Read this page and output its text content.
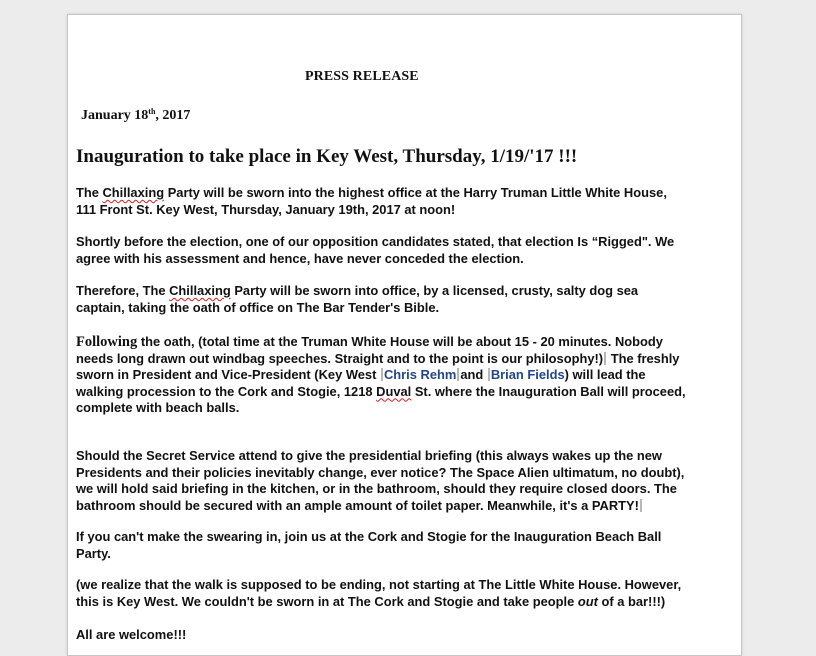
PRESS RELEASE
January 18th, 2017
Inauguration to take place in Key West, Thursday, 1/19/'17 !!!

The Chillaxing Party will be sworn into the highest office at the Harry Truman Little White House,
111 Front St. Key West, Thursday, January 19th, 2017 at noon!

Shortly before the election, one of our opposition candidates stated, that election Is “Rigged". We
agree with his assessment and hence, have never conceded the election.

Therefore, The Chillaxing Party will be sworn into office, by a licensed, crusty, salty dog sea
captain, taking the oath of office on The Bar Tender's Bible.

Following the oath, (total time at the Truman White House will be about 15 - 20 minutes. Nobody
needs long drawn out windbag speeches. Straight and to the point is our philosophy!) The freshly
sworn in President and Vice-President (Key West Chris Rehm and Brian Fields) will lead the
walking procession to the Cork and Stogie, 1218 Duval St. where the Inauguration Ball will proceed,
complete with beach balls.

Should the Secret Service attend to give the presidential briefing (this always wakes up the new
Presidents and their policies inevitably change, ever notice? The Space Alien ultimatum, no doubt),
we will hold said briefing in the kitchen, or in the bathroom, should they require closed doors. The
bathroom should be secured with an ample amount of toilet paper. Meanwhile, it's a PARTY!

If you can't make the swearing in, join us at the Cork and Stogie for the Inauguration Beach Ball
Party.

(we realize that the walk is supposed to be ending, not starting at The Little White House. However,
this is Key West. We couldn't be sworn in at The Cork and Stogie and take people out of a bar!!!)

All are welcome!!!
